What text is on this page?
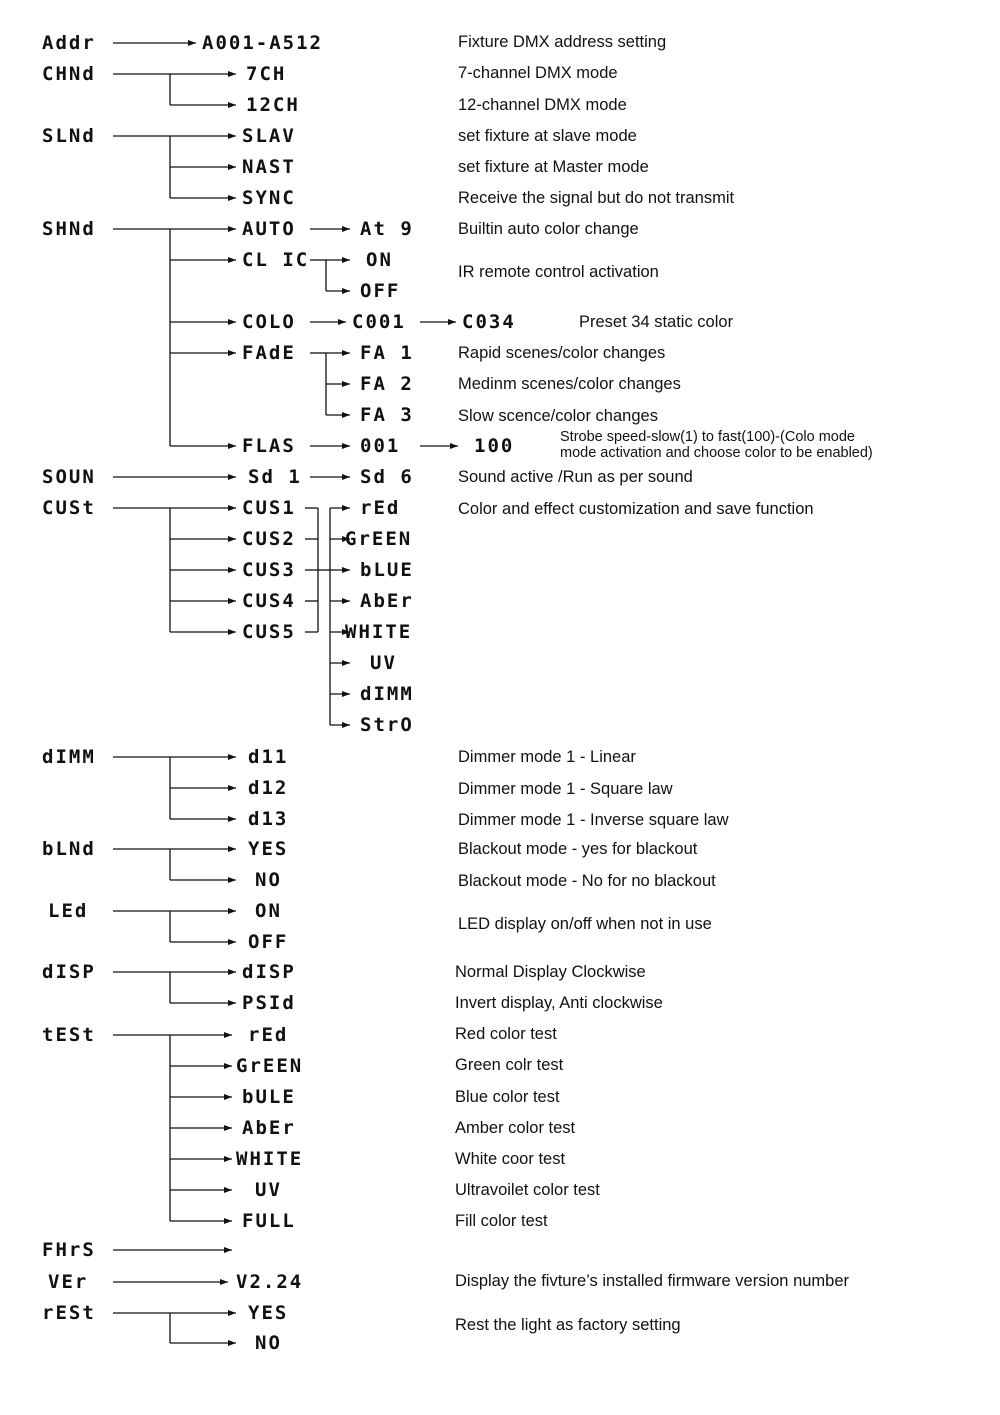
Addr
CHNd
SLNd
SHNd
SOUN
CUSt
dIMM
bLNd
LEd
dISP
tESt
FHrS
VEr
rESt
A001-A512
7CH
12CH
SLAV
NAST
SYNC
AUTO
CL IC
COLO
FAdE
FLAS
Sd 1
CUS1
CUS2
CUS3
CUS4
CUS5
d11
d12
d13
YES
NO
ON
OFF
dISP
PSId
rEd
GrEEN
bULE
AbEr
WHITE
UV
FULL
V2.24
YES
NO
At 9
ON
OFF
C001	C034
FA 1
FA 2
FA 3
001	100
Sd 6
rEd
GrEEN
bLUE
AbEr
WHITE
UV
dIMM
StrO
Fixture DMX address setting
7-channel DMX mode
12-channel DMX mode
set fixture at slave mode
set fixture at Master mode
Receive the signal but do not transmit
Builtin auto color change
IR remote control activation
Preset 34 static color
Rapid scenes/color changes
Medinm scenes/color changes
Slow scence/color changes
Strobe speed-slow(1) to fast(100)-(Colo mode
mode activation and choose color to be enabled)
Sound active /Run as per sound
Color and effect customization and save function
Dimmer mode 1 - Linear
Dimmer mode 1 - Square law
Dimmer mode 1 - Inverse square law
Blackout mode - yes for blackout
Blackout mode - No for no blackout
LED display on/off when not in use
Normal Display Clockwise
Invert display, Anti clockwise
Red color test
Green colr test
Blue color test
Amber color test
White coor test
Ultravoilet color test
Fill color test
Display the fivture’s installed firmware version number
Rest the light as factory setting
